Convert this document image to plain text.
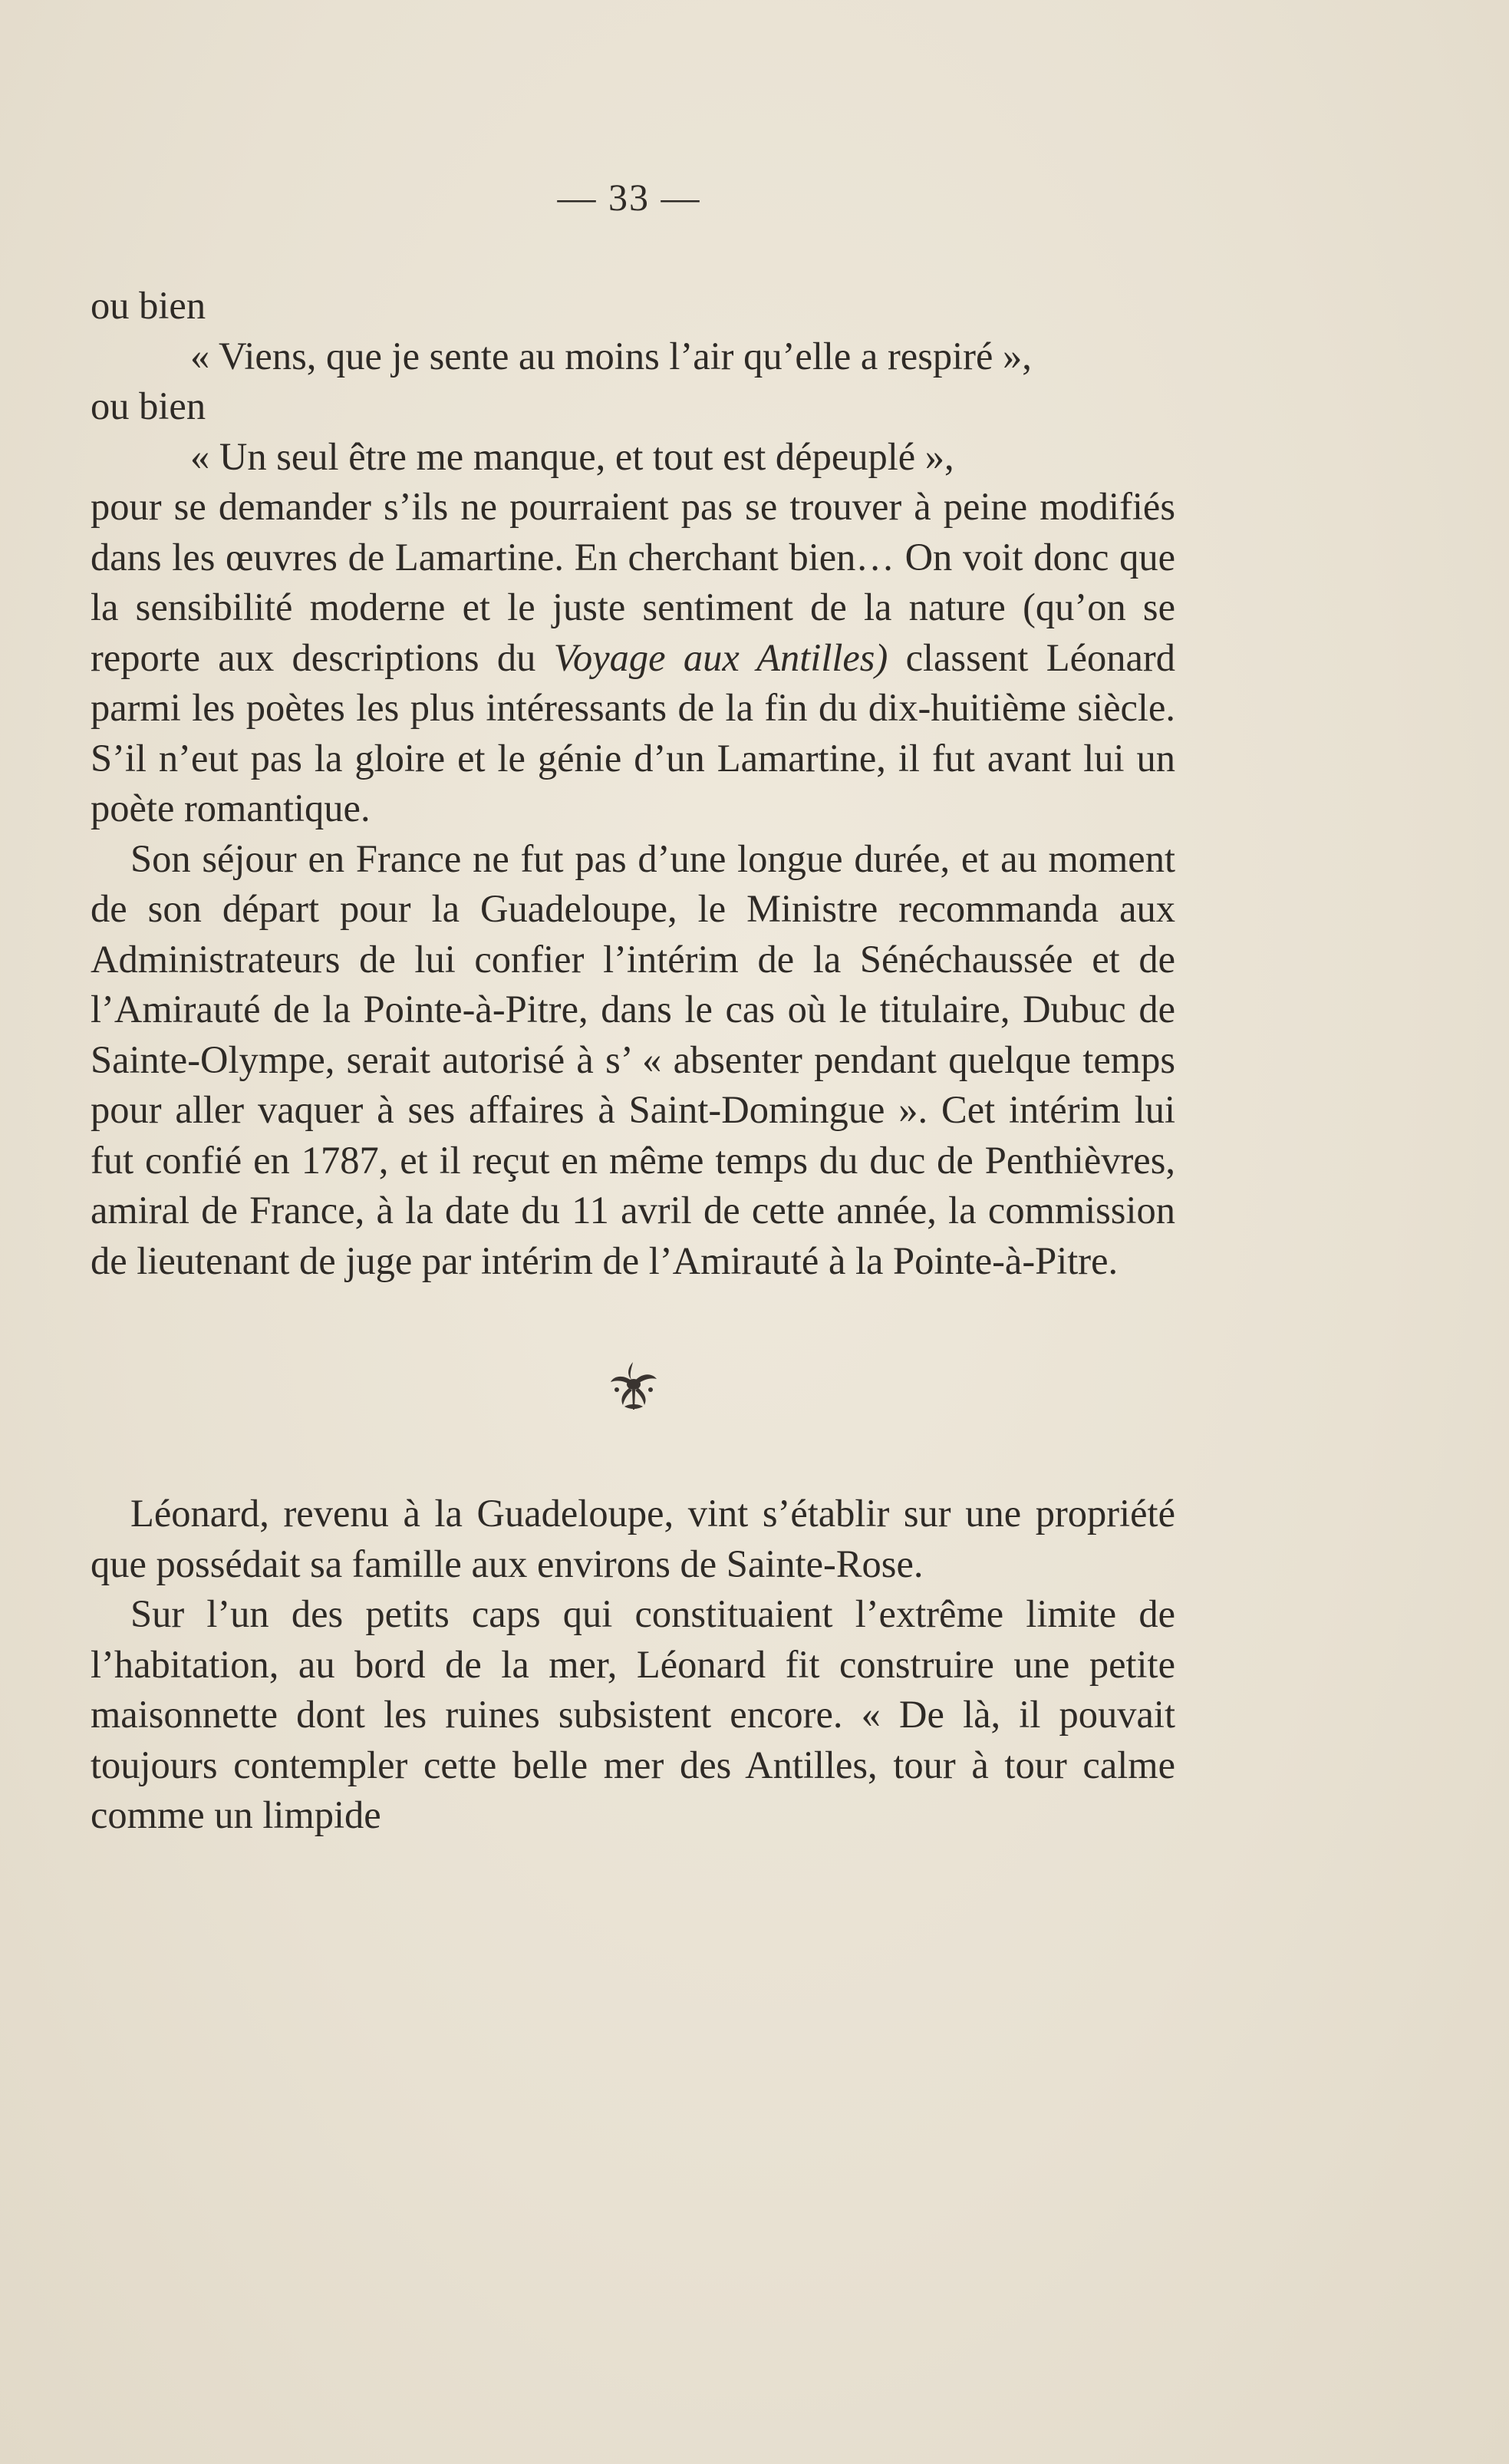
— 33 —

ou bien

« Viens, que je sente au moins l’air qu’elle a respiré »,

ou bien

« Un seul être me manque, et tout est dépeuplé »,

pour se demander s’ils ne pourraient pas se trouver à peine modifiés dans les œuvres de Lamartine. En cherchant bien… On voit donc que la sensibilité moderne et le juste sentiment de la nature (qu’on se reporte aux descriptions du Voyage aux Antilles) classent Léonard parmi les poètes les plus intéressants de la fin du dix-huitième siècle. S’il n’eut pas la gloire et le génie d’un Lamartine, il fut avant lui un poète romantique.

Son séjour en France ne fut pas d’une longue durée, et au moment de son départ pour la Guadeloupe, le Ministre recommanda aux Administrateurs de lui confier l’intérim de la Sénéchaussée et de l’Amirauté de la Pointe-à-Pitre, dans le cas où le titulaire, Dubuc de Sainte-Olympe, serait autorisé à s’ « absenter pendant quelque temps pour aller vaquer à ses affaires à Saint-Domingue ». Cet intérim lui fut confié en 1787, et il reçut en même temps du duc de Penthièvres, amiral de France, à la date du 11 avril de cette année, la commission de lieutenant de juge par intérim de l’Amirauté à la Pointe-à-Pitre.

Léonard, revenu à la Guadeloupe, vint s’établir sur une propriété que possédait sa famille aux environs de Sainte-Rose.

Sur l’un des petits caps qui constituaient l’extrême limite de l’habitation, au bord de la mer, Léonard fit construire une petite maisonnette dont les ruines subsistent encore. « De là, il pouvait toujours contempler cette belle mer des Antilles, tour à tour calme comme un limpide
